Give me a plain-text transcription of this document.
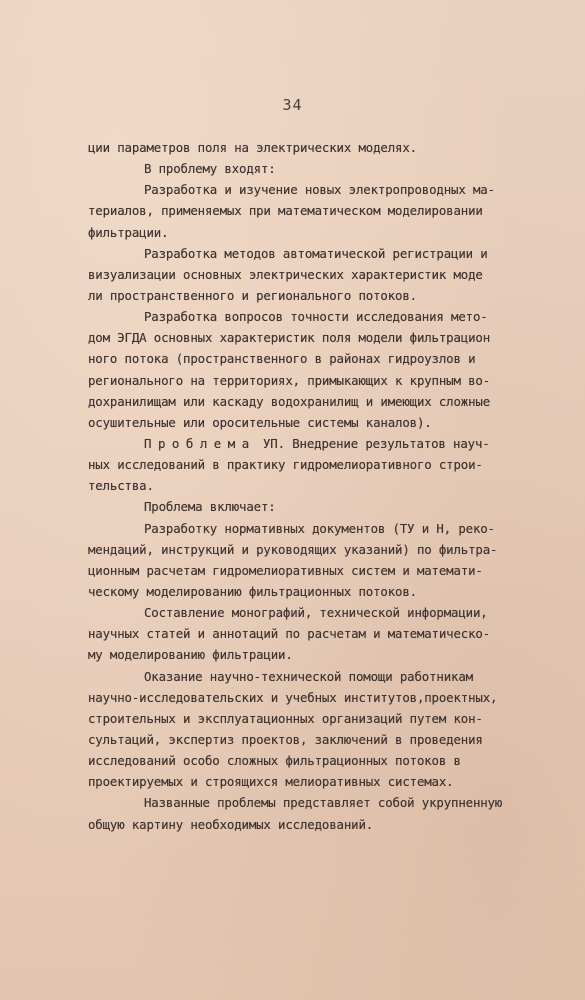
34
ции параметров поля на электрических моделях.
В проблему входят:
Разработка и изучение новых электропроводных ма-
териалов, применяемых при математическом моделировании
фильтрации.
Разработка методов автоматической регистрации и
визуализации основных электрических характеристик моде
ли пространственного и регионального потоков.
Разработка вопросов точности исследования мето-
дом ЭГДА основных характеристик поля модели фильтрацион
ного потока (пространственного в районах гидроузлов и
регионального на территориях, примыкающих к крупным во-
дохранилищам или каскаду водохранилищ и имеющих сложные
осушительные или оросительные системы каналов).
Проблема УП. Внедрение результатов науч-
ных исследований в практику гидромелиоративного строи-
тельства.
Проблема включает:
Разработку нормативных документов (ТУ и Н, реко-
мендаций, инструкций и руководящих указаний) по фильтра-
ционным расчетам гидромелиоративных систем и математи-
ческому моделированию фильтрационных потоков.
Составление монографий, технической информации,
научных статей и аннотаций по расчетам и математическо-
му моделированию фильтрации.
Оказание научно-технической помощи работникам
научно-исследовательских и учебных институтов,проектных,
строительных и эксплуатационных организаций путем кон-
сультаций, экспертиз проектов, заключений в проведения
исследований особо сложных фильтрационных потоков в
проектируемых и строящихся мелиоративных системах.
Названные проблемы представляет собой укрупненную
общую картину необходимых исследований.
